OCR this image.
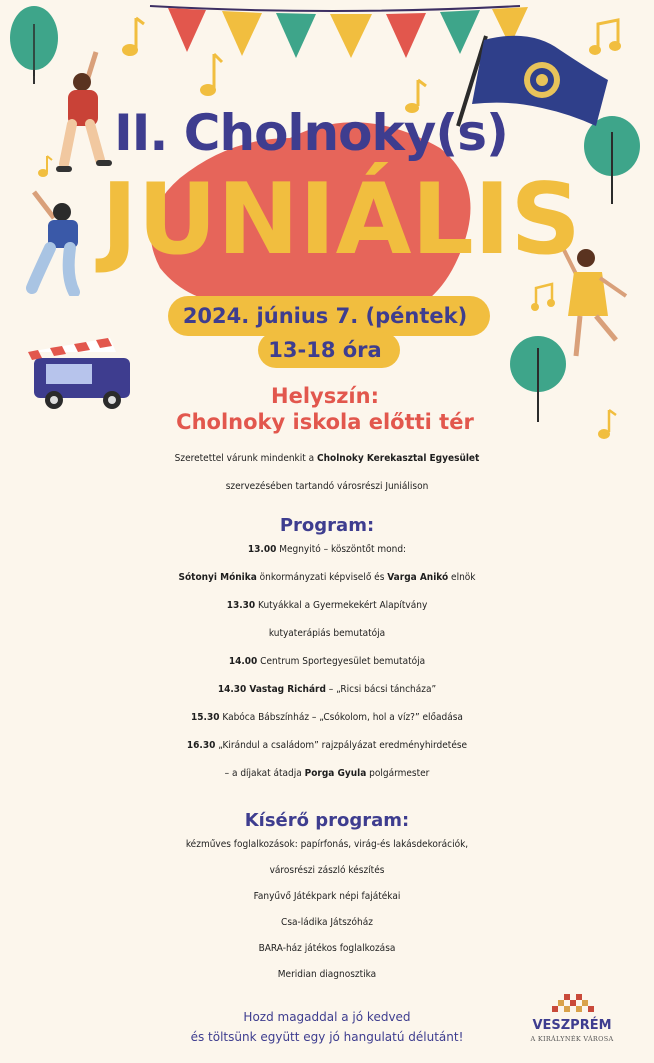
II. Cholnoky(s)
JUNIÁLIS
2024. június 7. (péntek)
13-18 óra
Helyszín:
Cholnoky iskola előtti tér
Szeretettel várunk mindenkit a Cholnoky Kerekasztal Egyesület
szervezésében tartandó városrészi Juniálison
Program:
13.00 Megnyitó – köszöntőt mond:
Sótonyi Mónika önkormányzati képviselő és Varga Anikó elnök
13.30 Kutyákkal a Gyermekekért Alapítvány
kutyaterápiás bemutatója
14.00 Centrum Sportegyesület bemutatója
14.30 Vastag Richárd – „Ricsi bácsi táncháza”
15.30 Kabóca Bábszínház – „Csókolom, hol a víz?” előadása
16.30 „Kirándul a családom” rajzpályázat eredményhirdetése
– a díjakat átadja Porga Gyula polgármester
Kísérő program:
kézműves foglalkozások: papírfonás, virág-és lakásdekorációk,
városrészi zászló készítés
Fanyűvő Játékpark népi fajátékai
Csa-ládika Játszóház
BARA-ház játékos foglalkozása
Meridian diagnosztika
Hozd magaddal a jó kedved
és töltsünk együtt egy jó hangulatú délutánt!
VESZPRÉM
A KIRÁLYNÉK VÁROSA
